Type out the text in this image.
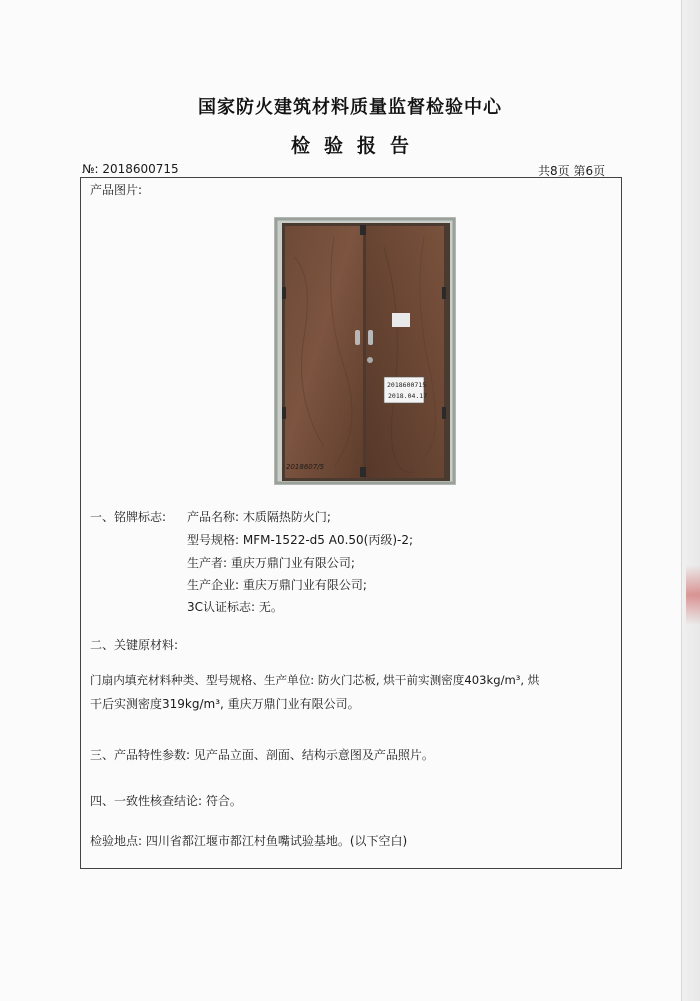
国家防火建筑材料质量监督检验中心
检验报告
№: 2018600715	共8页 第6页
产品图片:
2018600715
2018.04.17
2018607/5
一、铭牌标志: 产品名称: 木质隔热防火门;
型号规格: MFM-1522-d5 A0.50(丙级)-2;
生产者: 重庆万鼎门业有限公司;
生产企业: 重庆万鼎门业有限公司;
3C认证标志: 无。
二、关键原材料:
门扇内填充材料种类、型号规格、生产单位: 防火门芯板, 烘干前实测密度403kg/m³, 烘
干后实测密度319kg/m³, 重庆万鼎门业有限公司。
三、产品特性参数: 见产品立面、剖面、结构示意图及产品照片。
四、一致性核查结论: 符合。
检验地点: 四川省都江堰市都江村鱼嘴试验基地。(以下空白)
